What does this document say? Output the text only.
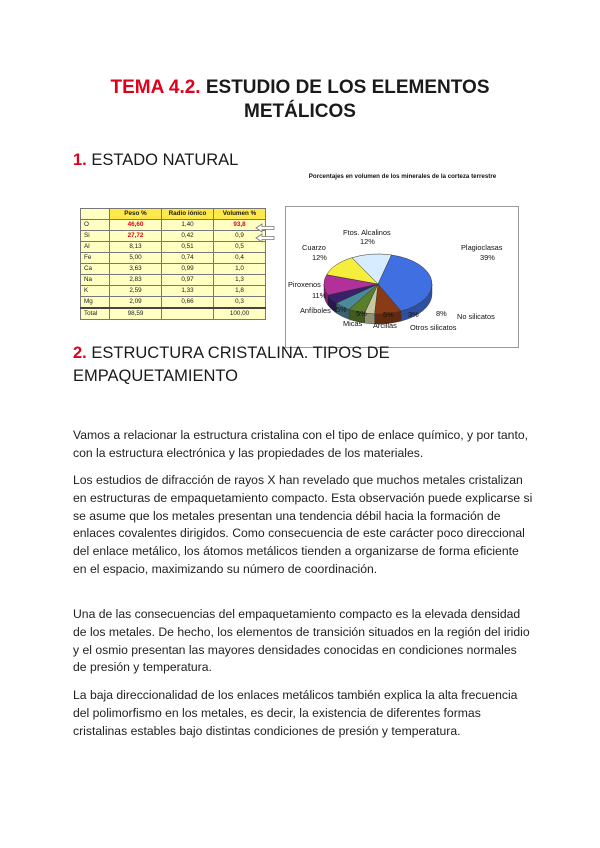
TEMA 4.2. ESTUDIO DE LOS ELEMENTOS
METÁLICOS
1. ESTADO NATURAL
	Peso %	Radio iónico	Volumen %
O	46,60	1,40	93,8
Si	27,72	0,42	0,9
Al	8,13	0,51	0,5
Fe	5,00	0,74	0,4
Ca	3,63	0,99	1,0
Na	2,83	0,97	1,3
K	2,59	1,33	1,8
Mg	2,09	0,66	0,3
Total	98,59		100,00
Porcentajes en volumen de los minerales de la corteza terrestre
Ftos. Alcalinos
12%
Cuarzo
12%
Plagioclasas
39%
Piroxenos
11%
Anfíboles 5% 5%
Micas
5%
Arcillas
3%
Otros silicatos
8% No silicatos
2. ESTRUCTURA CRISTALINA. TIPOS DE
EMPAQUETAMIENTO

Vamos a relacionar la estructura cristalina con el tipo de enlace químico, y por tanto, con la estructura electrónica y las propiedades de los materiales.

Los estudios de difracción de rayos X han revelado que muchos metales cristalizan en estructuras de empaquetamiento compacto. Esta observación puede explicarse si se asume que los metales presentan una tendencia débil hacia la formación de enlaces covalentes dirigidos. Como consecuencia de este carácter poco direccional del enlace metálico, los átomos metálicos tienden a organizarse de forma eficiente en el espacio, maximizando su número de coordinación.

Una de las consecuencias del empaquetamiento compacto es la elevada densidad de los metales. De hecho, los elementos de transición situados en la región del iridio y el osmio presentan las mayores densidades conocidas en condiciones normales de presión y temperatura.

La baja direccionalidad de los enlaces metálicos también explica la alta frecuencia del polimorfismo en los metales, es decir, la existencia de diferentes formas cristalinas estables bajo distintas condiciones de presión y temperatura.
